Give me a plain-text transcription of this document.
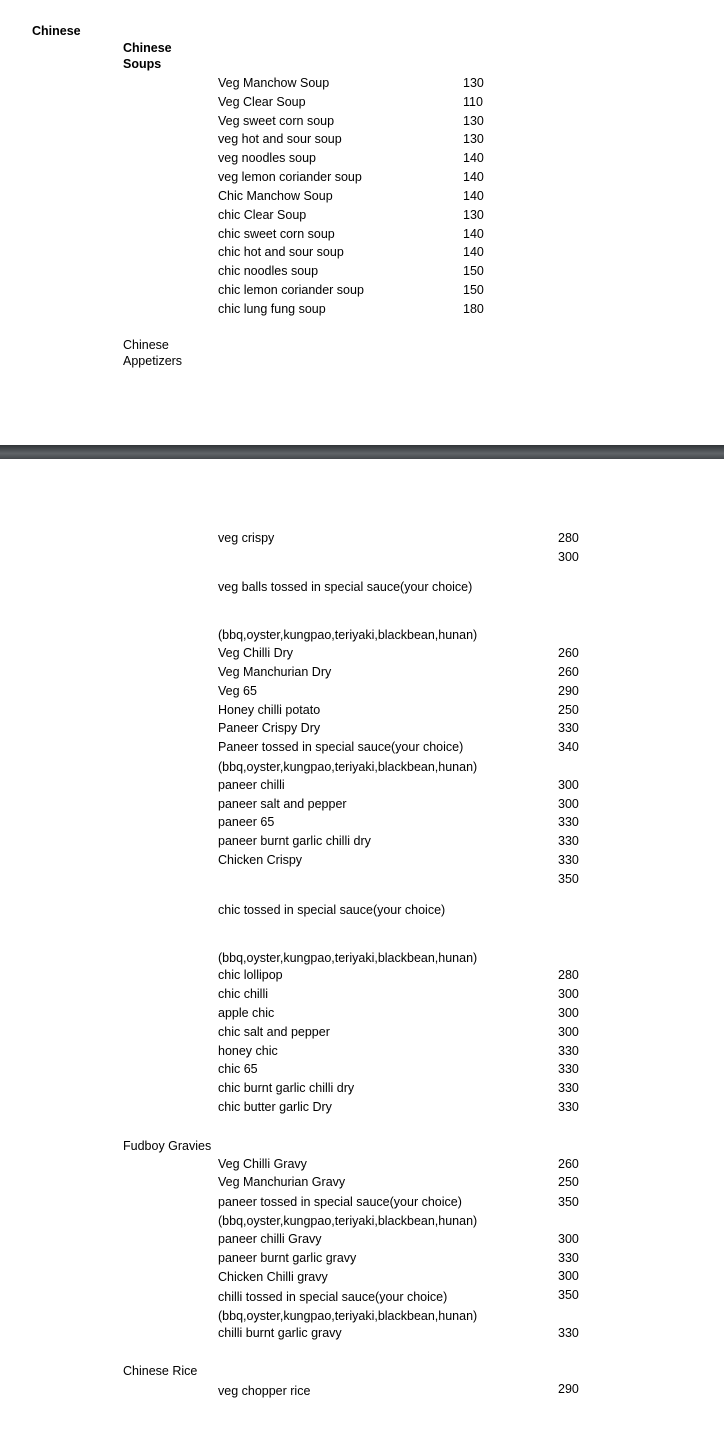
Chinese
Chinese
Soups
Veg Manchow Soup	130
Veg Clear Soup	110
Veg sweet corn soup	130
veg hot and sour soup	130
veg noodles soup	140
veg lemon coriander soup	140
Chic Manchow Soup	140
chic Clear Soup	130
chic sweet corn soup	140
chic hot and sour soup	140
chic noodles soup	150
chic lemon coriander soup	150
chic lung fung soup	180
Chinese
Appetizers
veg crispy	280
300
veg balls tossed in special sauce(your choice)
(bbq,oyster,kungpao,teriyaki,blackbean,hunan)
Veg Chilli Dry	260
Veg Manchurian Dry	260
Veg 65	290
Honey chilli potato	250
Paneer Crispy Dry	330
Paneer tossed in special sauce(your choice)	340
(bbq,oyster,kungpao,teriyaki,blackbean,hunan)
paneer chilli	300
paneer salt and pepper	300
paneer 65	330
paneer burnt garlic chilli dry	330
Chicken Crispy	330
350
chic tossed in special sauce(your choice)
(bbq,oyster,kungpao,teriyaki,blackbean,hunan)
chic lollipop	280
chic chilli	300
apple chic	300
chic salt and pepper	300
honey chic	330
chic 65	330
chic burnt garlic chilli dry	330
chic butter garlic Dry	330
Fudboy Gravies
Veg Chilli Gravy	260
Veg Manchurian Gravy	250
paneer tossed in special sauce(your choice)	350
(bbq,oyster,kungpao,teriyaki,blackbean,hunan)
paneer chilli Gravy	300
paneer burnt garlic gravy	330
Chicken Chilli gravy	300
chilli tossed in special sauce(your choice)	350
(bbq,oyster,kungpao,teriyaki,blackbean,hunan)
chilli burnt garlic gravy	330
Chinese Rice
veg chopper rice	290
